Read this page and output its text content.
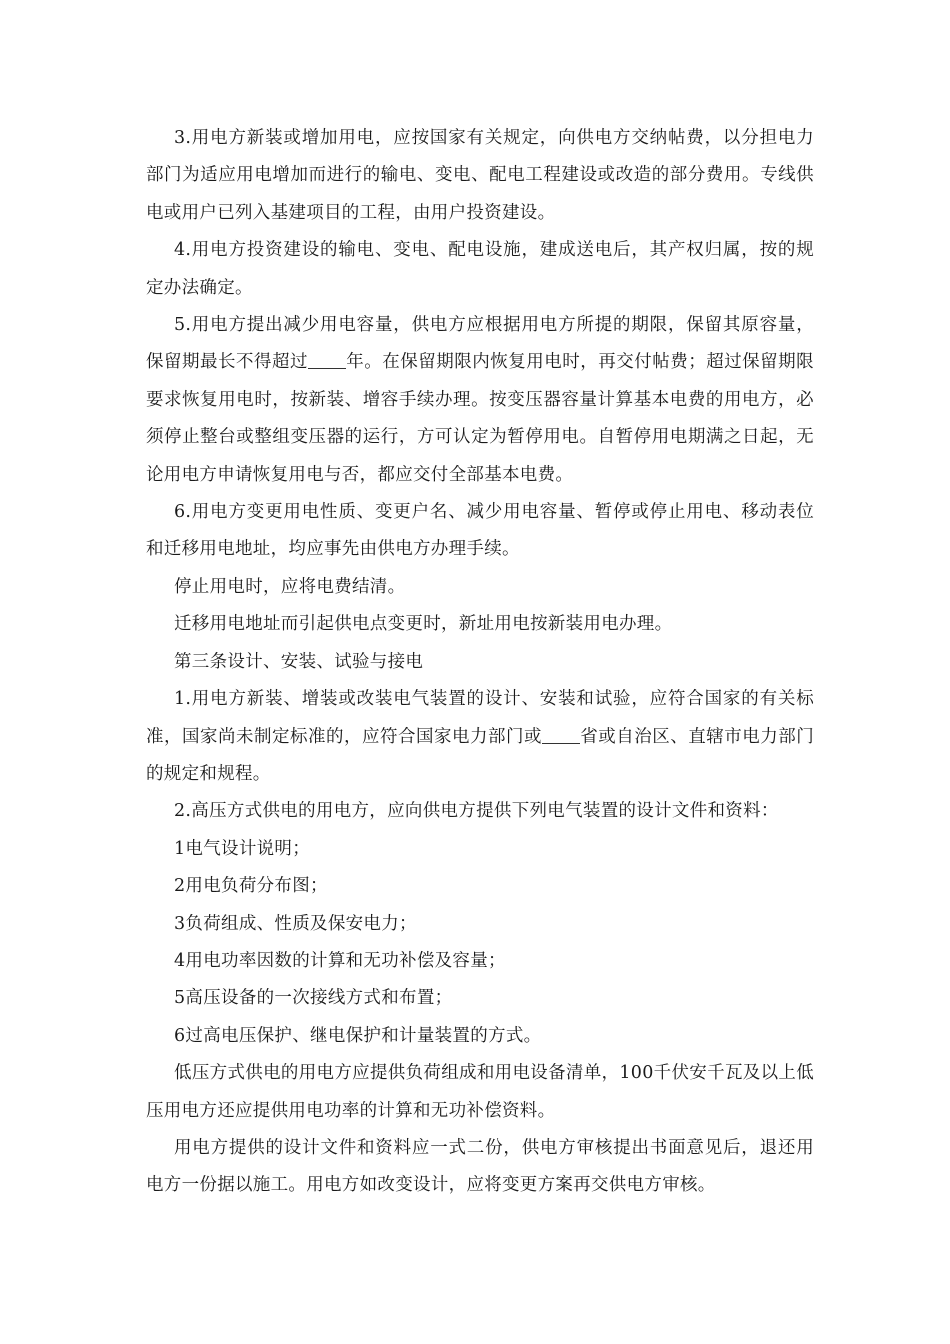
3.用电方新装或增加用电，应按国家有关规定，向供电方交纳帖费，以分担电力部门为适应用电增加而进行的输电、变电、配电工程建设或改造的部分费用。专线供电或用户已列入基建项目的工程，由用户投资建设。

4.用电方投资建设的输电、变电、配电设施，建成送电后，其产权归属，按的规定办法确定。

5.用电方提出减少用电容量，供电方应根据用电方所提的期限，保留其原容量，保留期最长不得超过 年。在保留期限内恢复用电时，再交付帖费；超过保留期限要求恢复用电时，按新装、增容手续办理。按变压器容量计算基本电费的用电方，必须停止整台或整组变压器的运行，方可认定为暂停用电。自暂停用电期满之日起，无论用电方申请恢复用电与否，都应交付全部基本电费。

6.用电方变更用电性质、变更户名、减少用电容量、暂停或停止用电、移动表位和迁移用电地址，均应事先由供电方办理手续。

停止用电时，应将电费结清。

迁移用电地址而引起供电点变更时，新址用电按新装用电办理。

第三条设计、安装、试验与接电

1.用电方新装、增装或改装电气装置的设计、安装和试验，应符合国家的有关标准，国家尚未制定标准的，应符合国家电力部门或 省或自治区、直辖市电力部门的规定和规程。

2.高压方式供电的用电方，应向供电方提供下列电气装置的设计文件和资料：

1电气设计说明；

2用电负荷分布图；

3负荷组成、性质及保安电力；

4用电功率因数的计算和无功补偿及容量；

5高压设备的一次接线方式和布置；

6过高电压保护、继电保护和计量装置的方式。

低压方式供电的用电方应提供负荷组成和用电设备清单，100千伏安千瓦及以上低压用电方还应提供用电功率的计算和无功补偿资料。

用电方提供的设计文件和资料应一式二份，供电方审核提出书面意见后，退还用电方一份据以施工。用电方如改变设计，应将变更方案再交供电方审核。
